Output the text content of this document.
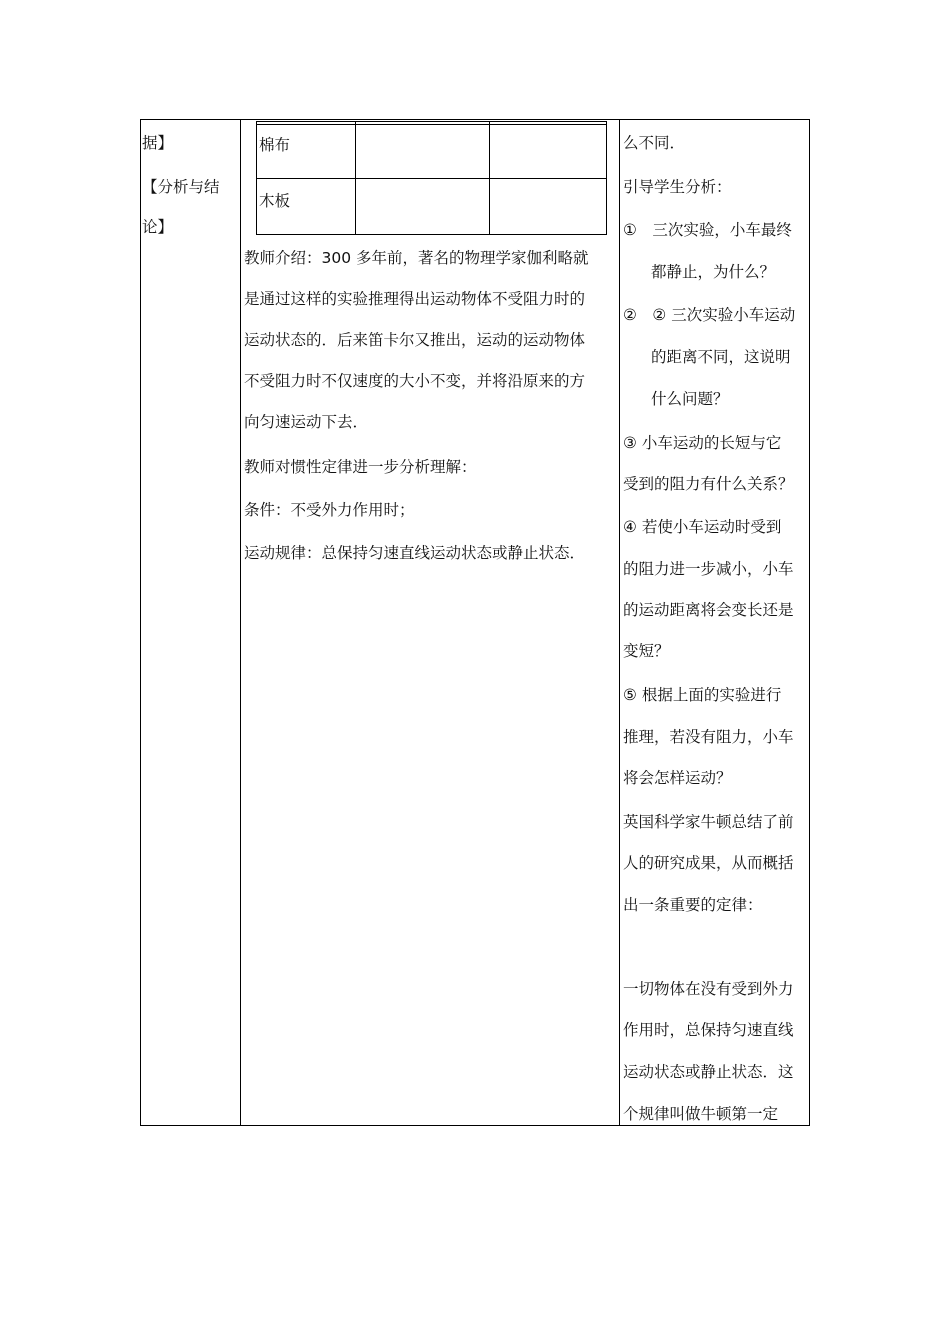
据】
【分析与结
论】
棉布
木板
教师介绍：300 多年前，著名的物理学家伽利略就
是通过这样的实验推理得出运动物体不受阻力时的
运动状态的．后来笛卡尔又推出，运动的运动物体
不受阻力时不仅速度的大小不变，并将沿原来的方
向匀速运动下去．
教师对惯性定律进一步分析理解：
条件：不受外力作用时；
运动规律：总保持匀速直线运动状态或静止状态．
么不同．
引导学生分析：
①　三次实验，小车最终
都静止，为什么？
②　② 三次实验小车运动
的距离不同，这说明
什么问题？
③ 小车运动的长短与它
受到的阻力有什么关系？
④ 若使小车运动时受到
的阻力进一步减小，小车
的运动距离将会变长还是
变短？
⑤ 根据上面的实验进行
推理，若没有阻力，小车
将会怎样运动？
英国科学家牛顿总结了前
人的研究成果，从而概括
出一条重要的定律：
一切物体在没有受到外力
作用时，总保持匀速直线
运动状态或静止状态．这
个规律叫做牛顿第一定
